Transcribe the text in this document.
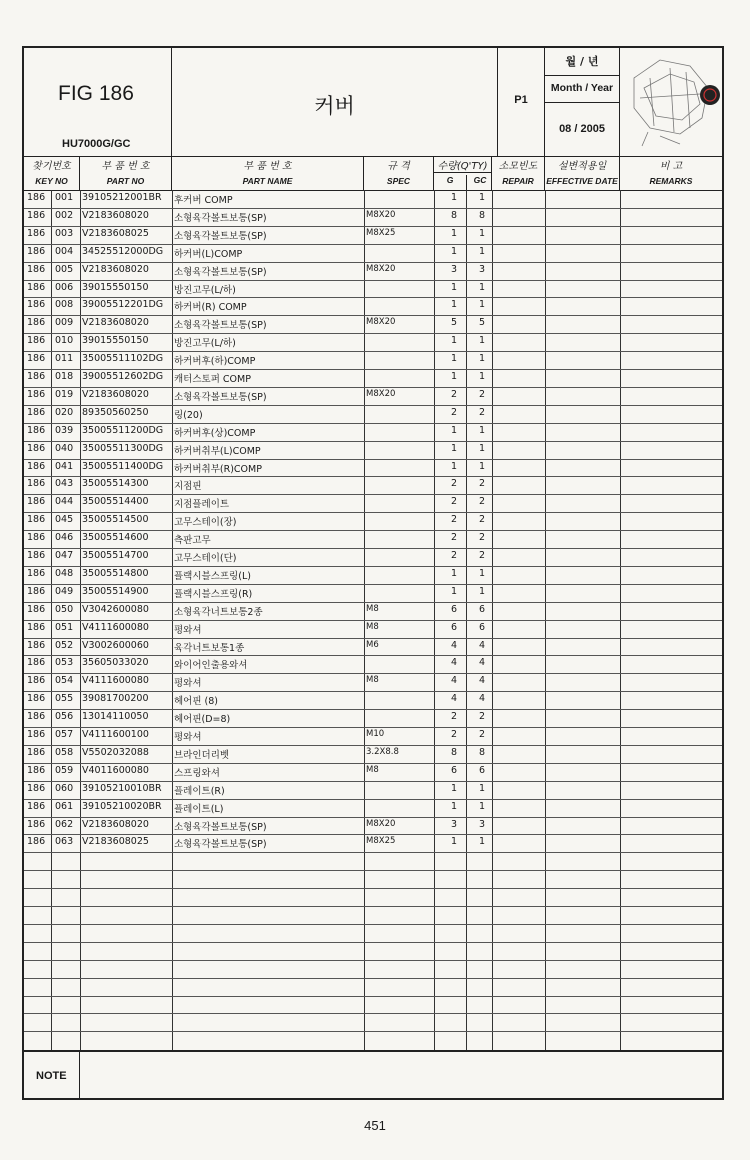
FIG 186
HU7000G/GC
커버	P1
월 / 년
Month / Year
08 / 2005
찾기번호
KEY NO
부 품 번 호
PART NO
부 품 번 호
PART NAME
규 격
SPEC
수량(Q'TY)
G	GC
소모빈도
REPAIR
설변적용일
EFFECTIVE DATE
비 고
REMARKS
186 001 39105212001BR 후커버 COMP	1	1
186 002 V2183608020	소형육각볼트보통(SP)	M8X20	8	8
186 003 V2183608025	소형육각볼트보통(SP)	M8X25	1	1
186 004 34525512000DG 하커버(L)COMP	1	1
186 005 V2183608020	소형육각볼트보통(SP)	M8X20	3	3
186 006 39015550150	방진고무(L/하)	1	1
186 008 39005512201DG 하커버(R) COMP	1	1
186 009 V2183608020	소형육각볼트보통(SP)	M8X20	5	5
186 010 39015550150	방진고무(L/하)	1	1
186 011 35005511102DG 하커버후(하)COMP	1	1
186 018 39005512602DG 캐터스토퍼 COMP	1	1
186 019 V2183608020	소형육각볼트보통(SP)	M8X20	2	2
186 020 89350560250	링(20)	2	2
186 039 35005511200DG 하커버후(상)COMP	1	1
186 040 35005511300DG 하커버취부(L)COMP	1	1
186 041 35005511400DG 하커버취부(R)COMP	1	1
186 043 35005514300	지점핀	2	2
186 044 35005514400	지점플레이트	2	2
186 045 35005514500	고무스테이(장)	2	2
186 046 35005514600	측판고무	2	2
186 047 35005514700	고무스테이(단)	2	2
186 048 35005514800	플랙시블스프링(L)	1	1
186 049 35005514900	플랙시블스프링(R)	1	1
186 050 V3042600080	소형육각너트보통2종	M8	6	6
186 051 V4111600080	평와셔	M8	6	6
186 052 V3002600060	육각너트보통1종	M6	4	4
186 053 35605033020	와이어인출용와셔	4	4
186 054 V4111600080	평와셔	M8	4	4
186 055 39081700200	헤어핀 (8)	4	4
186 056 13014110050	헤어핀(D=8)	2	2
186 057 V4111600100	평와셔	M10	2	2
186 058 V5502032088	브라인더리벳	3.2X8.8	8	8
186 059 V4011600080	스프링와셔	M8	6	6
186 060 39105210010BR 플레이트(R)	1	1
186 061 39105210020BR 플레이트(L)	1	1
186 062 V2183608020	소형육각볼트보통(SP)	M8X20	3	3
186 063 V2183608025	소형육각볼트보통(SP)	M8X25	1	1
NOTE
451
